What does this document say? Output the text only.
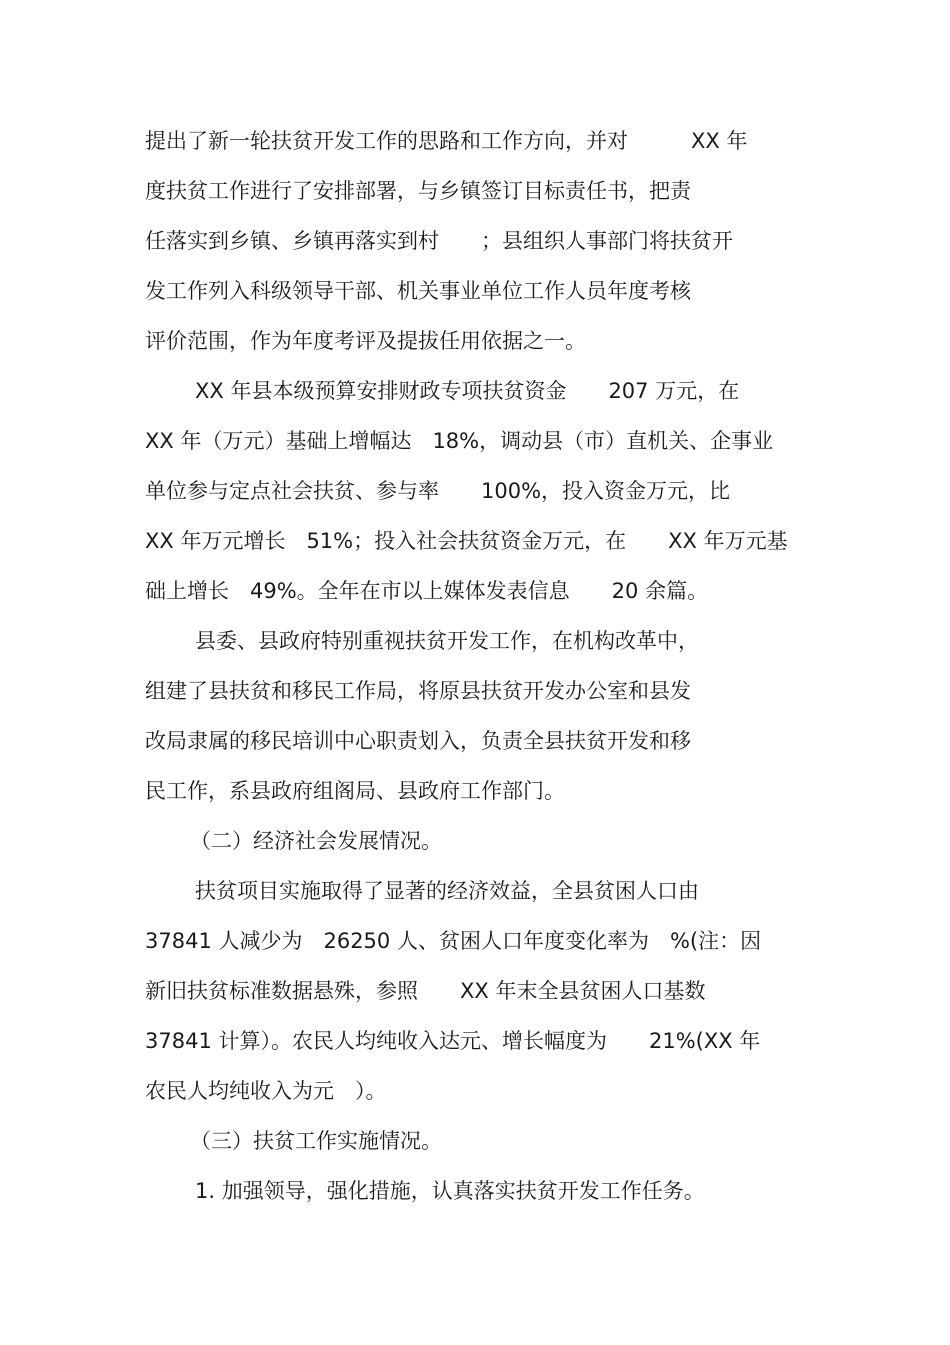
提出了新一轮扶贫开发工作的思路和工作方向，并对　　　XX 年
度扶贫工作进行了安排部署，与乡镇签订目标责任书，把责
任落实到乡镇、乡镇再落实到村　　；县组织人事部门将扶贫开
发工作列入科级领导干部、机关事业单位工作人员年度考核
评价范围，作为年度考评及提拔任用依据之一。
XX 年县本级预算安排财政专项扶贫资金　　207 万元，在
XX 年（万元）基础上增幅达　18%，调动县（市）直机关、企事业
单位参与定点社会扶贫、参与率　　100%，投入资金万元，比
XX 年万元增长　51%；投入社会扶贫资金万元，在　　XX 年万元基
础上增长　49%。全年在市以上媒体发表信息　　20 余篇。
县委、县政府特别重视扶贫开发工作，在机构改革中，
组建了县扶贫和移民工作局，将原县扶贫开发办公室和县发
改局隶属的移民培训中心职责划入，负责全县扶贫开发和移
民工作，系县政府组阁局、县政府工作部门。
（二）经济社会发展情况。
扶贫项目实施取得了显著的经济效益，全县贫困人口由
37841 人减少为　26250 人、贫困人口年度变化率为　%(注：因
新旧扶贫标准数据悬殊，参照　　XX 年末全县贫困人口基数
37841 计算）。农民人均纯收入达元、增长幅度为　　21%(XX 年
农民人均纯收入为元　）。
（三）扶贫工作实施情况。
1. 加强领导，强化措施，认真落实扶贫开发工作任务。
